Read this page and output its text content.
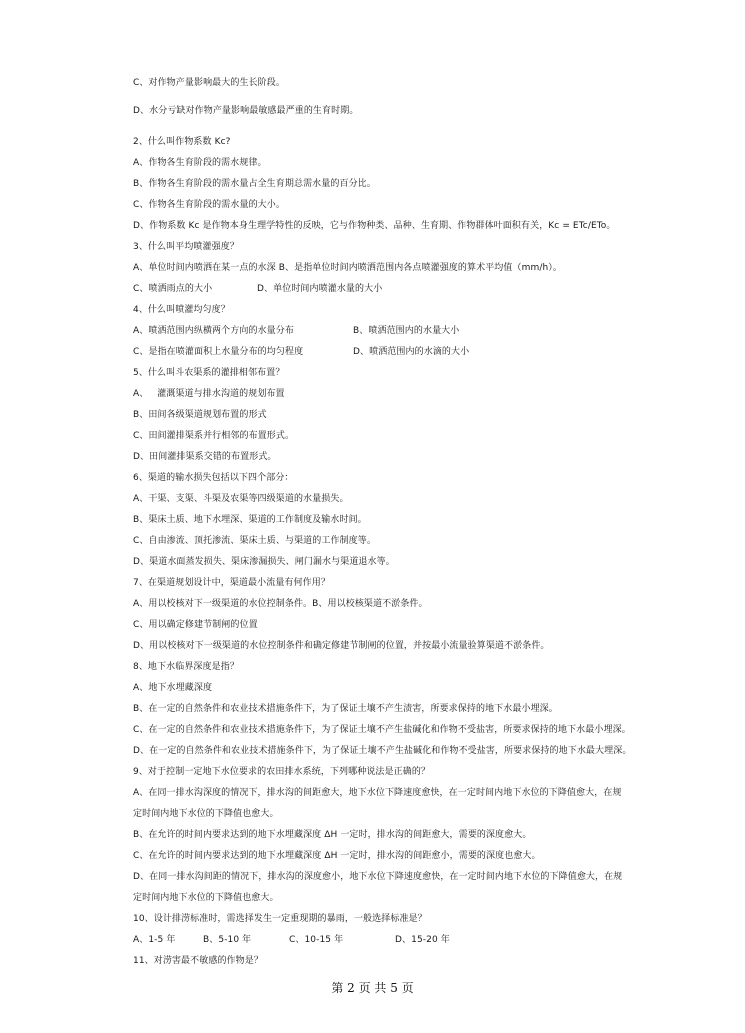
C、对作物产量影响最大的生长阶段。

D、水分亏缺对作物产量影响最敏感最严重的生育时期。

2、什么叫作物系数 Kc?

A、作物各生育阶段的需水规律。

B、作物各生育阶段的需水量占全生育期总需水量的百分比。

C、作物各生育阶段的需水量的大小。

D、作物系数 Kc 是作物本身生理学特性的反映，它与作物种类、品种、生育期、作物群体叶面积有关，Kc = ETc/ETo。

3、什么叫平均喷灌强度？

A、单位时间内喷洒在某一点的水深 B、是指单位时间内喷洒范围内各点喷灌强度的算术平均值（mm/h）。

C、喷洒雨点的大小	D、单位时间内喷灌水量的大小

4、什么叫喷灌均匀度？

A、喷洒范围内纵横两个方向的水量分布	B、喷洒范围内的水量大小
C、是指在喷灌面积上水量分布的均匀程度	D、喷洒范围内的水滴的大小

5、什么叫斗农渠系的灌排相邻布置？

A、   灌溉渠道与排水沟道的规划布置

B、田间各级渠道规划布置的形式

C、田间灌排渠系并行相邻的布置形式。

D、田间灌排渠系交错的布置形式。

6、渠道的输水损失包括以下四个部分：

A、干渠、支渠、斗渠及农渠等四级渠道的水量损失。

B、渠床土质、地下水埋深、渠道的工作制度及输水时间。

C、自由渗流、顶托渗流、渠床土质、与渠道的工作制度等。

D、渠道水面蒸发损失、渠床渗漏损失、闸门漏水与渠道退水等。

7、在渠道规划设计中，渠道最小流量有何作用？

A、用以校核对下一级渠道的水位控制条件。B、用以校核渠道不淤条件。

C、用以确定修建节制闸的位置

D、用以校核对下一级渠道的水位控制条件和确定修建节制闸的位置，并按最小流量验算渠道不淤条件。

8、地下水临界深度是指？

A、地下水埋藏深度

B、在一定的自然条件和农业技术措施条件下，为了保证土壤不产生渍害，所要求保持的地下水最小埋深。

C、在一定的自然条件和农业技术措施条件下，为了保证土壤不产生盐碱化和作物不受盐害，所要求保持的地下水最小埋深。

D、在一定的自然条件和农业技术措施条件下，为了保证土壤不产生盐碱化和作物不受盐害，所要求保持的地下水最大埋深。

9、对于控制一定地下水位要求的农田排水系统，下列哪种说法是正确的？

A、在同一排水沟深度的情况下，排水沟的间距愈大，地下水位下降速度愈快，在一定时间内地下水位的下降值愈大，在规

定时间内地下水位的下降值也愈大。

B、在允许的时间内要求达到的地下水埋藏深度 ΔH 一定时，排水沟的间距愈大，需要的深度愈大。

C、在允许的时间内要求达到的地下水埋藏深度 ΔH 一定时，排水沟的间距愈小，需要的深度也愈大。

D、在同一排水沟间距的情况下，排水沟的深度愈小，地下水位下降速度愈快，在一定时间内地下水位的下降值愈大，在规

定时间内地下水位的下降值也愈大。

10、设计排涝标准时，需选择发生一定重现期的暴雨，一般选择标准是？

A、1-5 年	B、5-10 年	C、10-15 年	D、15-20 年

11、对涝害最不敏感的作物是？

第 2 页 共 5 页
